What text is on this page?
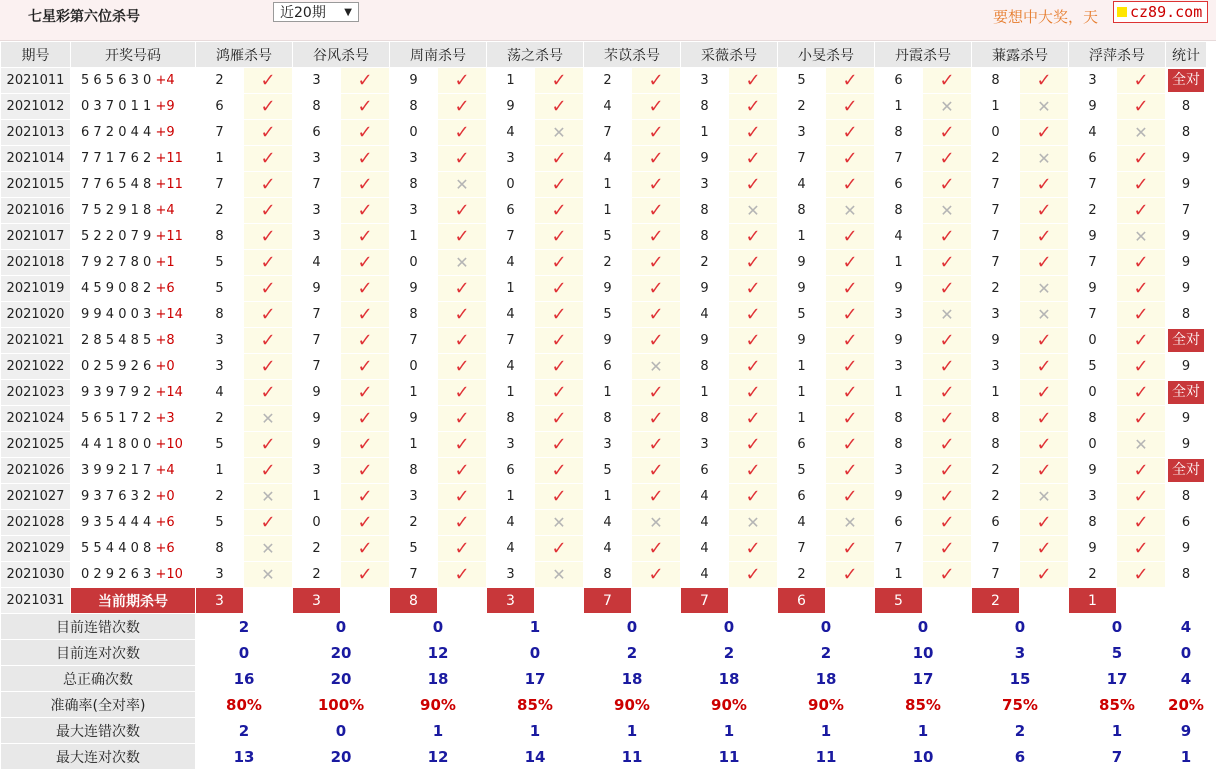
七星彩第六位杀号	近20期 ▼	要想中大奖，天	cz89.com
期号	开奖号码	鸿雁杀号		谷风杀号		周南杀号		荡之杀号		芣苡杀号		采薇杀号		小旻杀号		丹霞杀号		蒹露杀号		浮萍杀号		统计
2021011	5 6 5 6 3 0 +4	2	✓	3	✓	9	✓	1	✓	2	✓	3	✓	5	✓	6	✓	8	✓	3	✓	全对
2021012	0 3 7 0 1 1 +9	6	✓	8	✓	8	✓	9	✓	4	✓	8	✓	2	✓	1	✕	1	✕	9	✓	8
2021013	6 7 2 0 4 4 +9	7	✓	6	✓	0	✓	4	✕	7	✓	1	✓	3	✓	8	✓	0	✓	4	✕	8
2021014	7 7 1 7 6 2 +11	1	✓	3	✓	3	✓	3	✓	4	✓	9	✓	7	✓	7	✓	2	✕	6	✓	9
2021015	7 7 6 5 4 8 +11	7	✓	7	✓	8	✕	0	✓	1	✓	3	✓	4	✓	6	✓	7	✓	7	✓	9
2021016	7 5 2 9 1 8 +4	2	✓	3	✓	3	✓	6	✓	1	✓	8	✕	8	✕	8	✕	7	✓	2	✓	7
2021017	5 2 2 0 7 9 +11	8	✓	3	✓	1	✓	7	✓	5	✓	8	✓	1	✓	4	✓	7	✓	9	✕	9
2021018	7 9 2 7 8 0 +1	5	✓	4	✓	0	✕	4	✓	2	✓	2	✓	9	✓	1	✓	7	✓	7	✓	9
2021019	4 5 9 0 8 2 +6	5	✓	9	✓	9	✓	1	✓	9	✓	9	✓	9	✓	9	✓	2	✕	9	✓	9
2021020	9 9 4 0 0 3 +14	8	✓	7	✓	8	✓	4	✓	5	✓	4	✓	5	✓	3	✕	3	✕	7	✓	8
2021021	2 8 5 4 8 5 +8	3	✓	7	✓	7	✓	7	✓	9	✓	9	✓	9	✓	9	✓	9	✓	0	✓	全对
2021022	0 2 5 9 2 6 +0	3	✓	7	✓	0	✓	4	✓	6	✕	8	✓	1	✓	3	✓	3	✓	5	✓	9
2021023	9 3 9 7 9 2 +14	4	✓	9	✓	1	✓	1	✓	1	✓	1	✓	1	✓	1	✓	1	✓	0	✓	全对
2021024	5 6 5 1 7 2 +3	2	✕	9	✓	9	✓	8	✓	8	✓	8	✓	1	✓	8	✓	8	✓	8	✓	9
2021025	4 4 1 8 0 0 +10	5	✓	9	✓	1	✓	3	✓	3	✓	3	✓	6	✓	8	✓	8	✓	0	✕	9
2021026	3 9 9 2 1 7 +4	1	✓	3	✓	8	✓	6	✓	5	✓	6	✓	5	✓	3	✓	2	✓	9	✓	全对
2021027	9 3 7 6 3 2 +0	2	✕	1	✓	3	✓	1	✓	1	✓	4	✓	6	✓	9	✓	2	✕	3	✓	8
2021028	9 3 5 4 4 4 +6	5	✓	0	✓	2	✓	4	✕	4	✕	4	✕	4	✕	6	✓	6	✓	8	✓	6
2021029	5 5 4 4 0 8 +6	8	✕	2	✓	5	✓	4	✓	4	✓	4	✓	7	✓	7	✓	7	✓	9	✓	9
2021030	0 2 9 2 6 3 +10	3	✕	2	✓	7	✓	3	✕	8	✓	4	✓	2	✓	1	✓	7	✓	2	✓	8
2021031	当前期杀号	3		3		8		3		7		7		6		5		2		1		
目前连错次数		2		0		0		1		0		0		0		0		0		0		4
目前连对次数		0		20		12		0		2		2		2		10		3		5		0
总正确次数		16		20		18		17		18		18		18		17		15		17		4
准确率(全对率)		80%		100%		90%		85%		90%		90%		90%		85%		75%		85%		20%
最大连错次数		2		0		1		1		1		1		1		1		2		1		9
最大连对次数		13		20		12		14		11		11		11		10		6		7		1
